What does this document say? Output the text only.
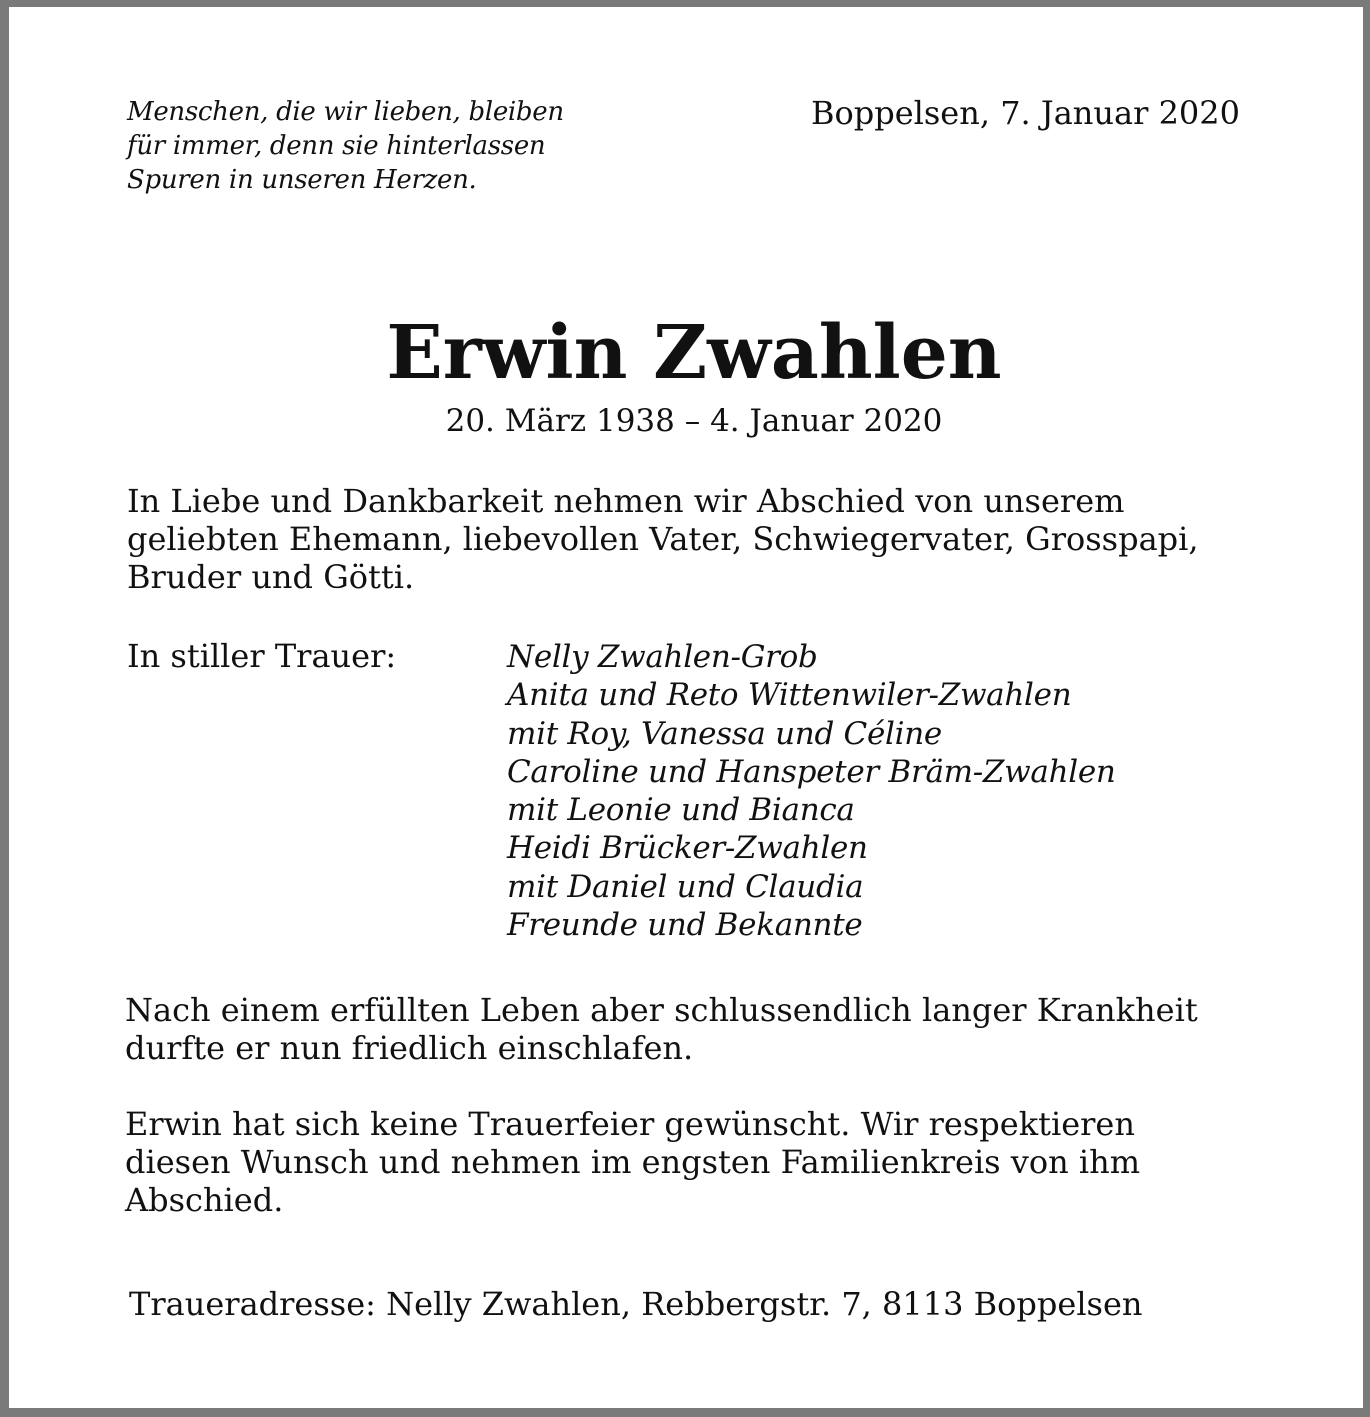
Menschen, die wir lieben, bleiben
für immer, denn sie hinterlassen
Spuren in unseren Herzen.
Boppelsen, 7. Januar 2020
Erwin Zwahlen
20. März 1938 – 4. Januar 2020
In Liebe und Dankbarkeit nehmen wir Abschied von unserem
geliebten Ehemann, liebevollen Vater, Schwiegervater, Grosspapi,
Bruder und Götti.
In stiller Trauer:	Nelly Zwahlen-Grob
Anita und Reto Wittenwiler-Zwahlen
mit Roy, Vanessa und Céline
Caroline und Hanspeter Bräm-Zwahlen
mit Leonie und Bianca
Heidi Brücker-Zwahlen
mit Daniel und Claudia
Freunde und Bekannte
Nach einem erfüllten Leben aber schlussendlich langer Krankheit
durfte er nun friedlich einschlafen.
Erwin hat sich keine Trauerfeier gewünscht. Wir respektieren
diesen Wunsch und nehmen im engsten Familienkreis von ihm
Abschied.
Traueradresse: Nelly Zwahlen, Rebbergstr. 7, 8113 Boppelsen
